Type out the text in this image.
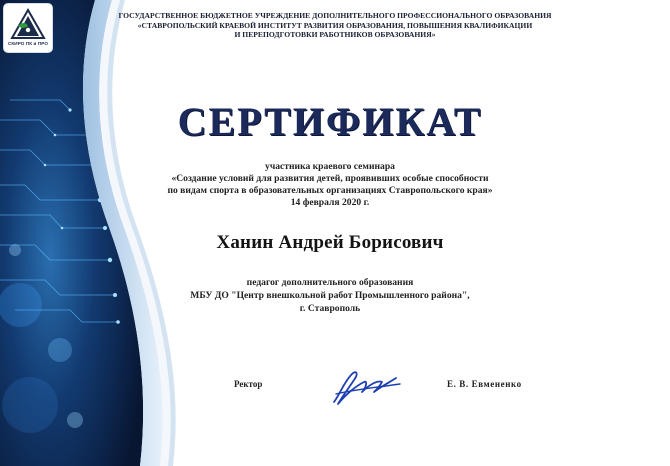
СКИРО ПК и ПРО
ГОСУДАРСТВЕННОЕ БЮДЖЕТНОЕ УЧРЕЖДЕНИЕ ДОПОЛНИТЕЛЬНОГО ПРОФЕССИОНАЛЬНОГО ОБРАЗОВАНИЯ
«СТАВРОПОЛЬСКИЙ КРАЕВОЙ ИНСТИТУТ РАЗВИТИЯ ОБРАЗОВАНИЯ, ПОВЫШЕНИЯ КВАЛИФИКАЦИИ
И ПЕРЕПОДГОТОВКИ РАБОТНИКОВ ОБРАЗОВАНИЯ»
СЕРТИФИКАТ
участника краевого семинара
«Создание условий для развития детей, проявивших особые способности
по видам спорта в образовательных организациях Ставропольского края»
14 февраля 2020 г.
Ханин Андрей Борисович
педагог дополнительного образования
МБУ ДО "Центр внешкольной работ Промышленного района",
г. Ставрополь
Ректор	Е. В. Евмененко
